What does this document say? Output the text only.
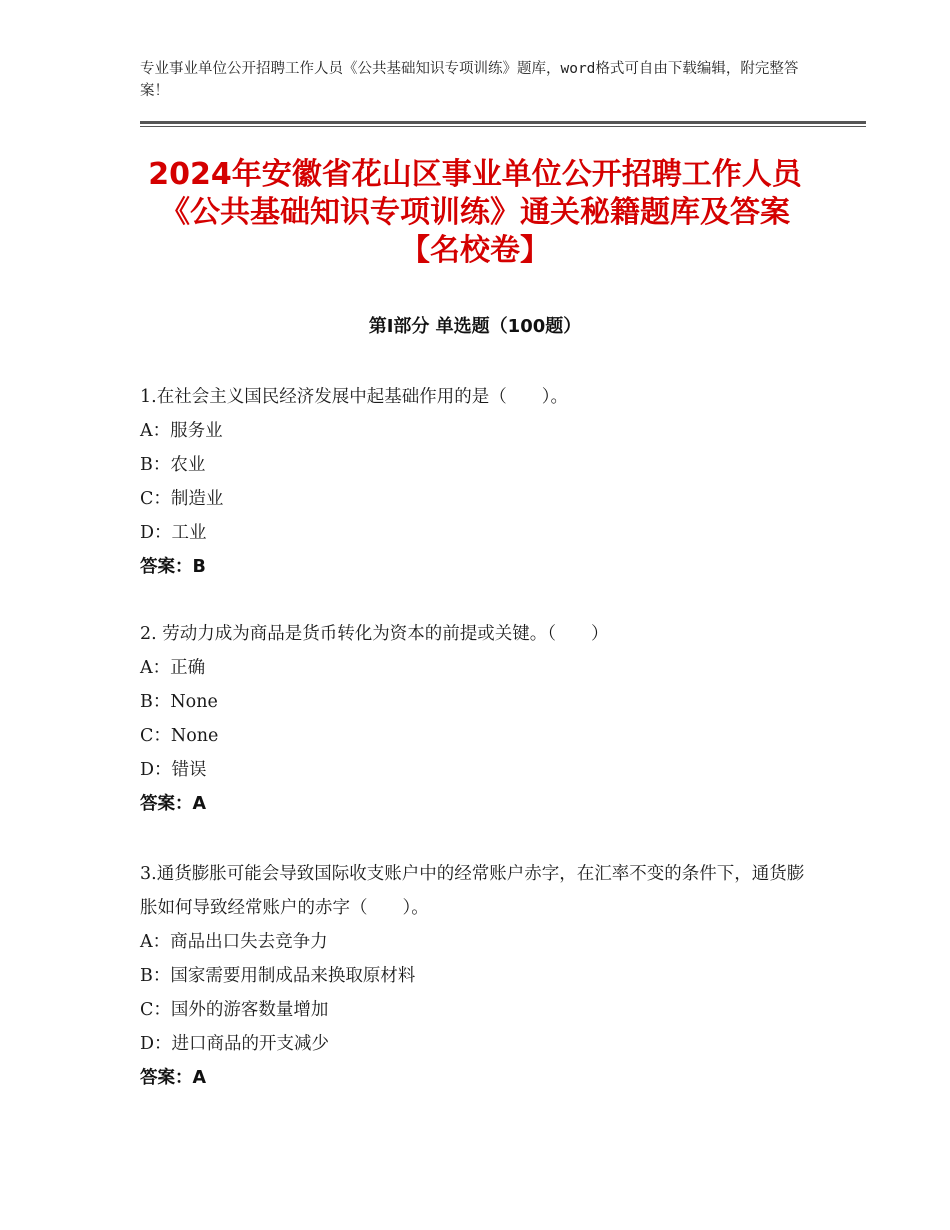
专业事业单位公开招聘工作人员《公共基础知识专项训练》题库，word格式可自由下载编辑，附完整答案！
2024年安徽省花山区事业单位公开招聘工作人员《公共基础知识专项训练》通关秘籍题库及答案【名校卷】
第Ⅰ部分 单选题（100题）
1.在社会主义国民经济发展中起基础作用的是（　　）。
A：服务业
B：农业
C：制造业
D：工业
答案：B
2. 劳动力成为商品是货币转化为资本的前提或关键。（　　）
A：正确
B：None
C：None
D：错误
答案：A
3.通货膨胀可能会导致国际收支账户中的经常账户赤字，在汇率不变的条件下，通货膨胀如何导致经常账户的赤字（　　）。
A：商品出口失去竞争力
B：国家需要用制成品来换取原材料
C：国外的游客数量增加
D：进口商品的开支减少
答案：A
